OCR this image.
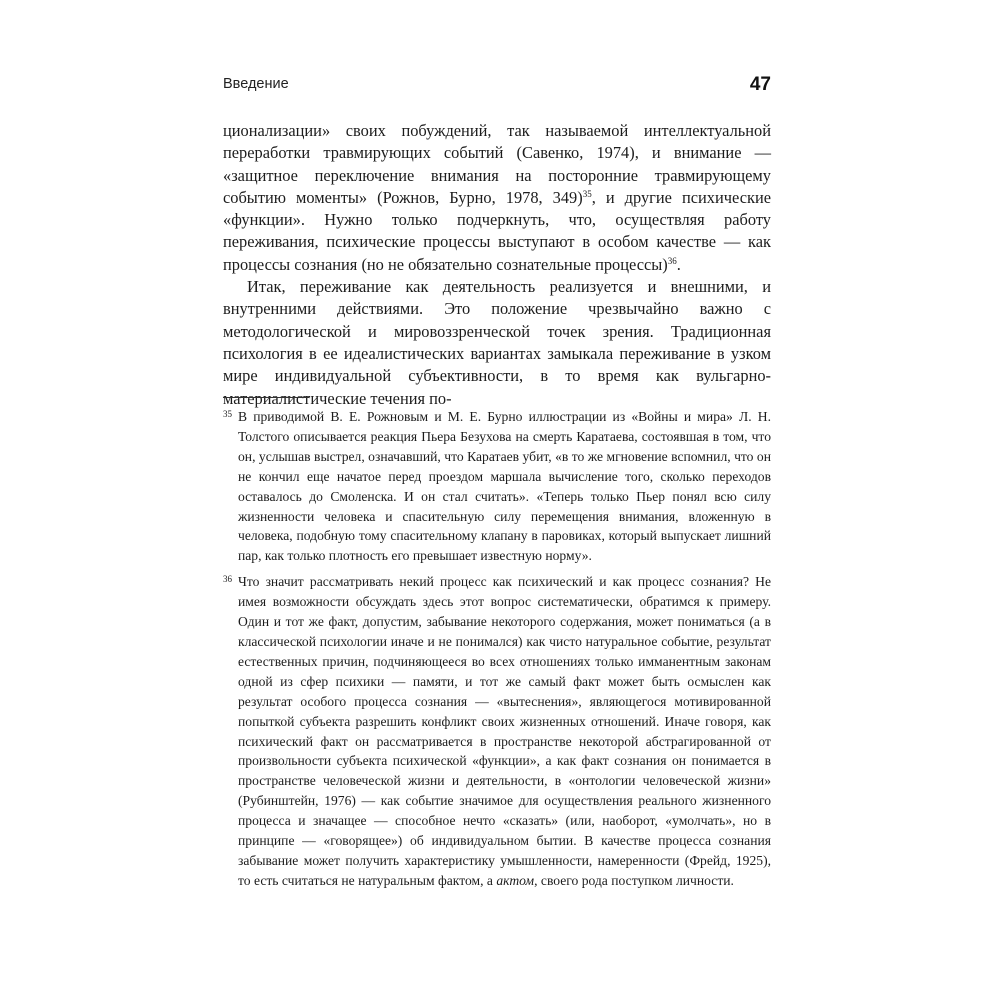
Введение	47

ционализации» своих побуждений, так называемой интеллектуальной переработки травмирующих событий (Савенко, 1974), и внимание — «защитное переключение внимания на посторонние травмирующему событию моменты» (Рожнов, Бурно, 1978, 349)$^{35}$, и другие психические «функции». Нужно только подчеркнуть, что, осуществляя работу переживания, психические процессы выступают в особом качестве — как процессы сознания (но не обязательно сознательные процессы)$^{36}$.

Итак, переживание как деятельность реализуется и внешними, и внутренними действиями. Это положение чрезвычайно важно с методологической и мировоззренческой точек зрения. Традиционная психология в ее идеалистических вариантах замыкала переживание в узком мире индивидуальной субъективности, в то время как вульгарно-материалистические течения по-

35 В приводимой В. Е. Рожновым и М. Е. Бурно иллюстрации из «Войны и мира» Л. Н. Толстого описывается реакция Пьера Безухова на смерть Каратаева, состоявшая в том, что он, услышав выстрел, означавший, что Каратаев убит, «в то же мгновение вспомнил, что он не кончил еще начатое перед проездом маршала вычисление того, сколько переходов оставалось до Смоленска. И он стал считать». «Теперь только Пьер понял всю силу жизненности человека и спасительную силу перемещения внимания, вложенную в человека, подобную тому спасительному клапану в паровиках, который выпускает лишний пар, как только плотность его превышает известную норму».
36 Что значит рассматривать некий процесс как психический и как процесс сознания? Не имея возможности обсуждать здесь этот вопрос систематически, обратимся к примеру. Один и тот же факт, допустим, забывание некоторого содержания, может пониматься (а в классической психологии иначе и не понимался) как чисто натуральное событие, результат естественных причин, подчиняющееся во всех отношениях только имманентным законам одной из сфер психики — памяти, и тот же самый факт может быть осмыслен как результат особого процесса сознания — «вытеснения», являющегося мотивированной попыткой субъекта разрешить конфликт своих жизненных отношений. Иначе говоря, как психический факт он рассматривается в пространстве некоторой абстрагированной от произвольности субъекта психической «функции», а как факт сознания он понимается в пространстве человеческой жизни и деятельности, в «онтологии человеческой жизни» (Рубинштейн, 1976) — как событие значимое для осуществления реального жизненного процесса и значащее — способное нечто «сказать» (или, наоборот, «умолчать», но в принципе — «говорящее») об индивидуальном бытии. В качестве процесса сознания забывание может получить характеристику умышленности, намеренности (Фрейд, 1925), то есть считаться не натуральным фактом, а актом, своего рода поступком личности.
